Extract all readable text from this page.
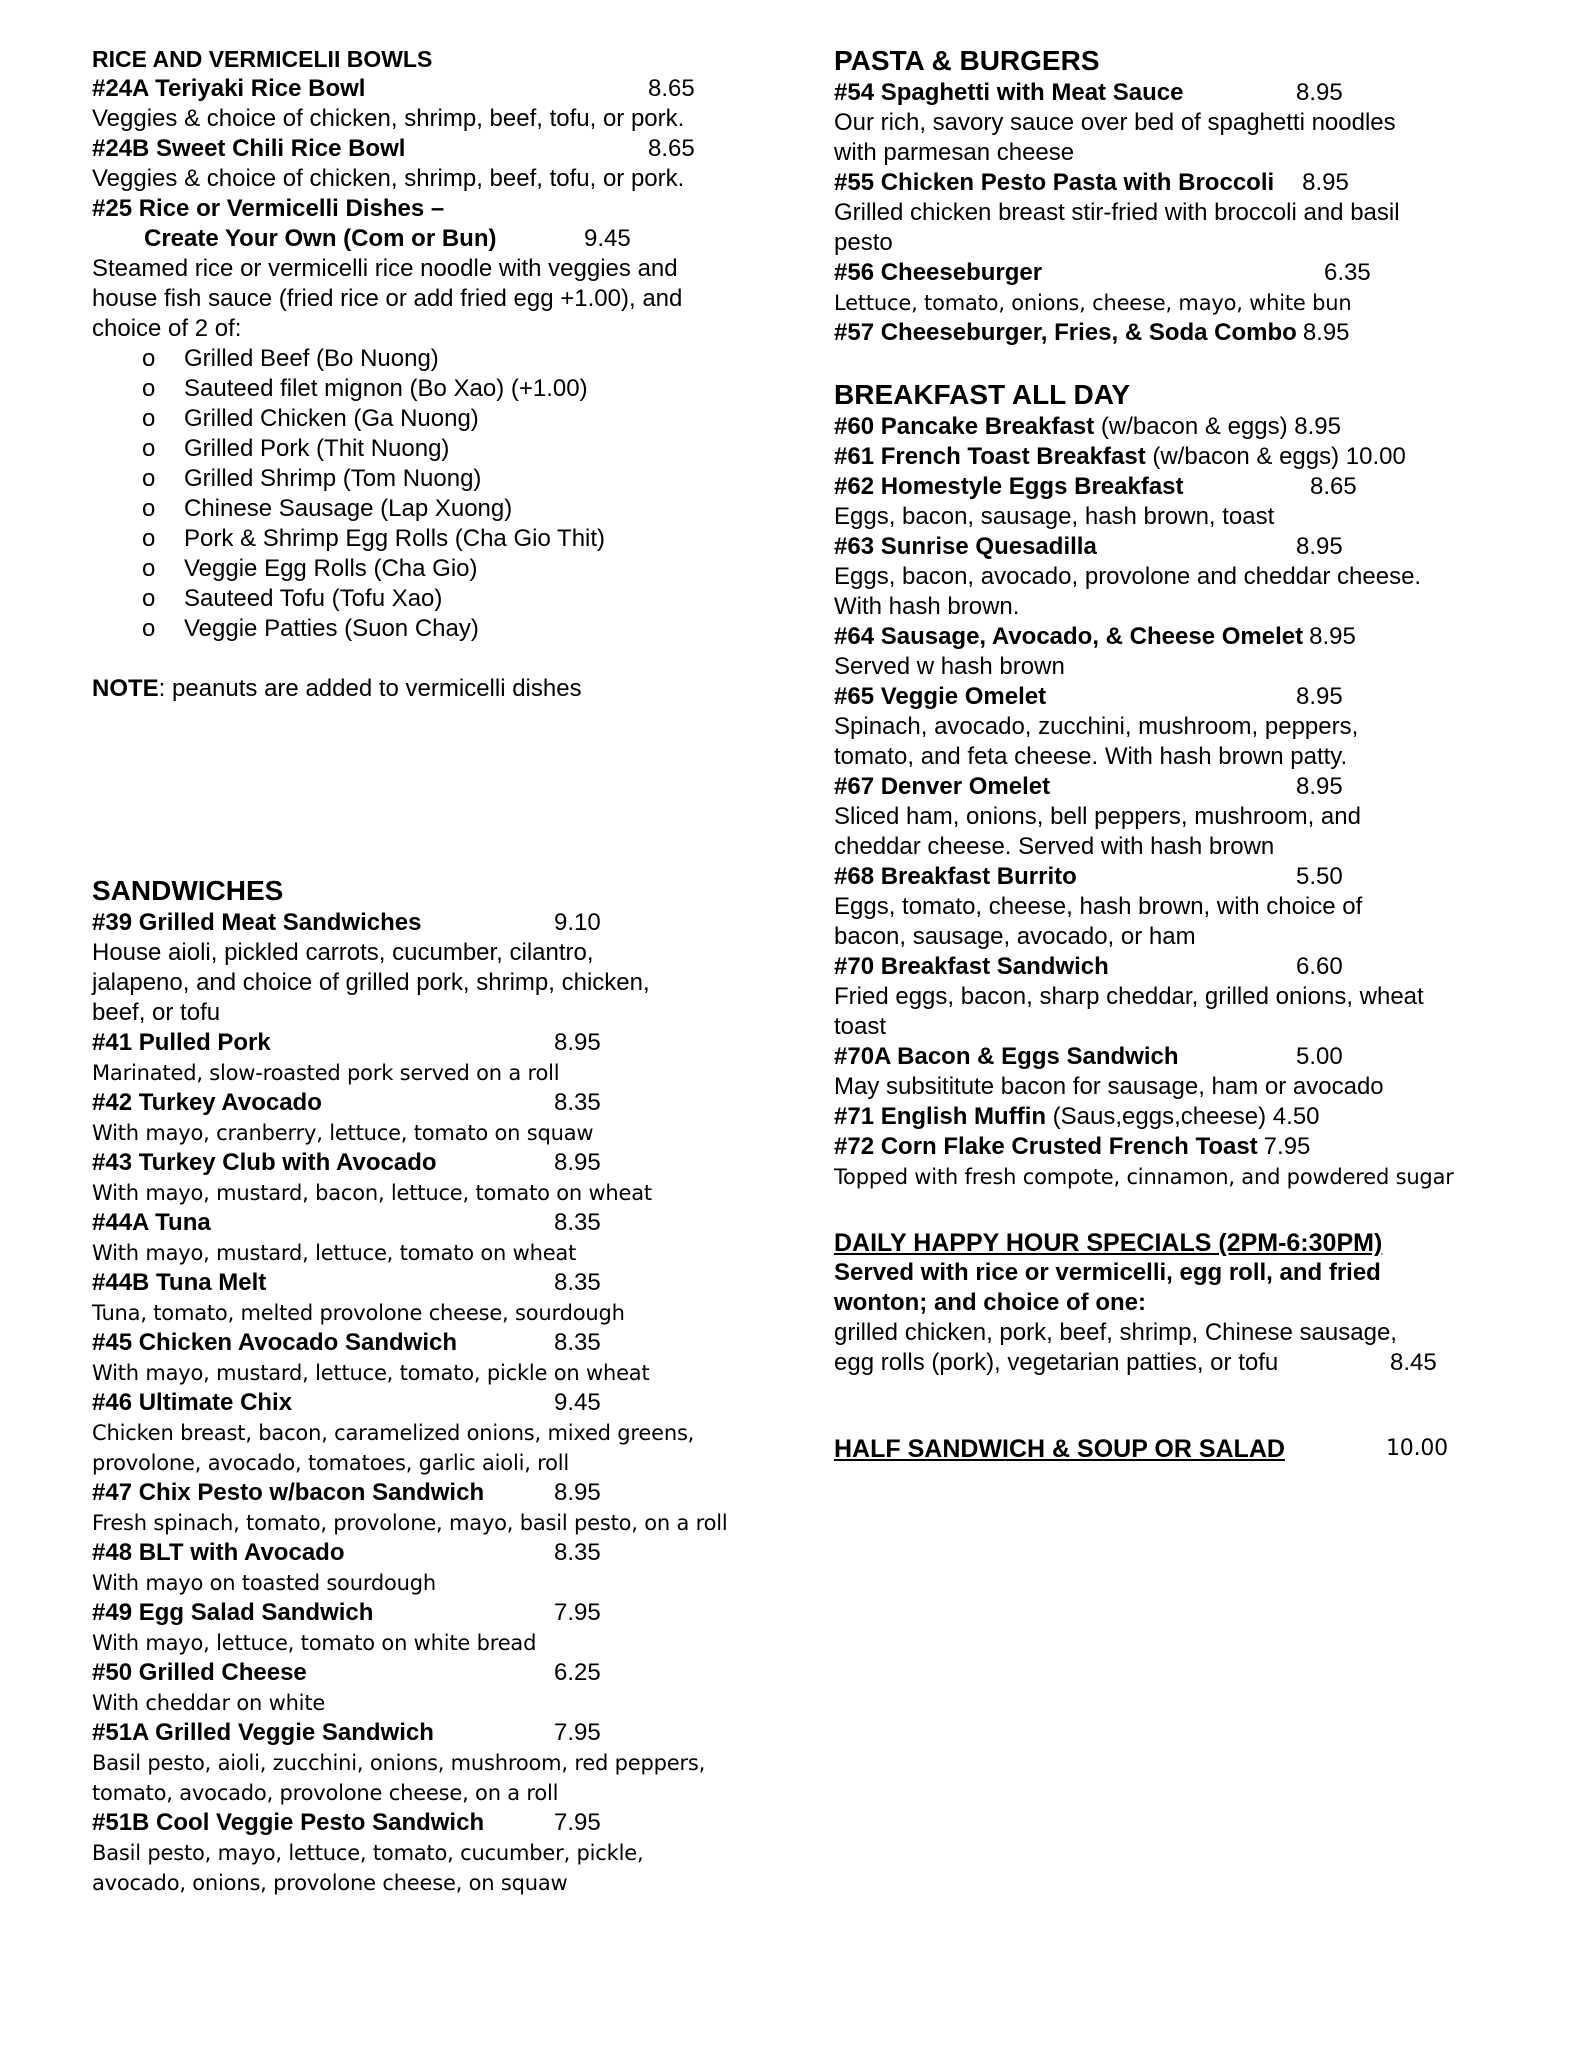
RICE AND VERMICELII BOWLS
#24A Teriyaki Rice Bowl	8.65
Veggies & choice of chicken, shrimp, beef, tofu, or pork.
#24B Sweet Chili Rice Bowl	8.65
Veggies & choice of chicken, shrimp, beef, tofu, or pork.
#25 Rice or Vermicelli Dishes –
Create Your Own (Com or Bun)	9.45
Steamed rice or vermicelli rice noodle with veggies and
house fish sauce (fried rice or add fried egg +1.00), and
choice of 2 of:
o	Grilled Beef (Bo Nuong)
o	Sauteed filet mignon (Bo Xao) (+1.00)
o	Grilled Chicken (Ga Nuong)
o	Grilled Pork (Thit Nuong)
o	Grilled Shrimp (Tom Nuong)
o	Chinese Sausage (Lap Xuong)
o	Pork & Shrimp Egg Rolls (Cha Gio Thit)
o	Veggie Egg Rolls (Cha Gio)
o	Sauteed Tofu (Tofu Xao)
o	Veggie Patties (Suon Chay)
NOTE: peanuts are added to vermicelli dishes
SANDWICHES
#39 Grilled Meat Sandwiches	9.10
House aioli, pickled carrots, cucumber, cilantro,
jalapeno, and choice of grilled pork, shrimp, chicken,
beef, or tofu
#41 Pulled Pork	8.95
Marinated, slow-roasted pork served on a roll
#42 Turkey Avocado	8.35
With mayo, cranberry, lettuce, tomato on squaw
#43 Turkey Club with Avocado	8.95
With mayo, mustard, bacon, lettuce, tomato on wheat
#44A Tuna	8.35
With mayo, mustard, lettuce, tomato on wheat
#44B Tuna Melt	8.35
Tuna, tomato, melted provolone cheese, sourdough
#45 Chicken Avocado Sandwich	8.35
With mayo, mustard, lettuce, tomato, pickle on wheat
#46 Ultimate Chix	9.45
Chicken breast, bacon, caramelized onions, mixed greens,
provolone, avocado, tomatoes, garlic aioli, roll
#47 Chix Pesto w/bacon Sandwich	8.95
Fresh spinach, tomato, provolone, mayo, basil pesto, on a roll
#48 BLT with Avocado	8.35
With mayo on toasted sourdough
#49 Egg Salad Sandwich	7.95
With mayo, lettuce, tomato on white bread
#50 Grilled Cheese	6.25
With cheddar on white
#51A Grilled Veggie Sandwich	7.95
Basil pesto, aioli, zucchini, onions, mushroom, red peppers,
tomato, avocado, provolone cheese, on a roll
#51B Cool Veggie Pesto Sandwich	7.95
Basil pesto, mayo, lettuce, tomato, cucumber, pickle,
avocado, onions, provolone cheese, on squaw
PASTA & BURGERS
#54 Spaghetti with Meat Sauce	8.95
Our rich, savory sauce over bed of spaghetti noodles
with parmesan cheese
#55 Chicken Pesto Pasta with Broccoli 8.95
Grilled chicken breast stir-fried with broccoli and basil
pesto
#56 Cheeseburger	6.35
Lettuce, tomato, onions, cheese, mayo, white bun
#57 Cheeseburger, Fries, & Soda Combo 8.95
BREAKFAST ALL DAY
#60 Pancake Breakfast (w/bacon & eggs) 8.95
#61 French Toast Breakfast (w/bacon & eggs) 10.00
#62 Homestyle Eggs Breakfast	8.65
Eggs, bacon, sausage, hash brown, toast
#63 Sunrise Quesadilla	8.95
Eggs, bacon, avocado, provolone and cheddar cheese.
With hash brown.
#64 Sausage, Avocado, & Cheese Omelet 8.95
Served w hash brown
#65 Veggie Omelet	8.95
Spinach, avocado, zucchini, mushroom, peppers,
tomato, and feta cheese. With hash brown patty.
#67 Denver Omelet	8.95
Sliced ham, onions, bell peppers, mushroom, and
cheddar cheese. Served with hash brown
#68 Breakfast Burrito	5.50
Eggs, tomato, cheese, hash brown, with choice of
bacon, sausage, avocado, or ham
#70 Breakfast Sandwich	6.60
Fried eggs, bacon, sharp cheddar, grilled onions, wheat
toast
#70A Bacon & Eggs Sandwich	5.00
May subsititute bacon for sausage, ham or avocado
#71 English Muffin (Saus,eggs,cheese) 4.50
#72 Corn Flake Crusted French Toast 7.95
Topped with fresh compote, cinnamon, and powdered sugar
DAILY HAPPY HOUR SPECIALS (2PM-6:30PM)
Served with rice or vermicelli, egg roll, and fried
wonton; and choice of one:
grilled chicken, pork, beef, shrimp, Chinese sausage,
egg rolls (pork), vegetarian patties, or tofu	8.45
HALF SANDWICH & SOUP OR SALAD	10.00
